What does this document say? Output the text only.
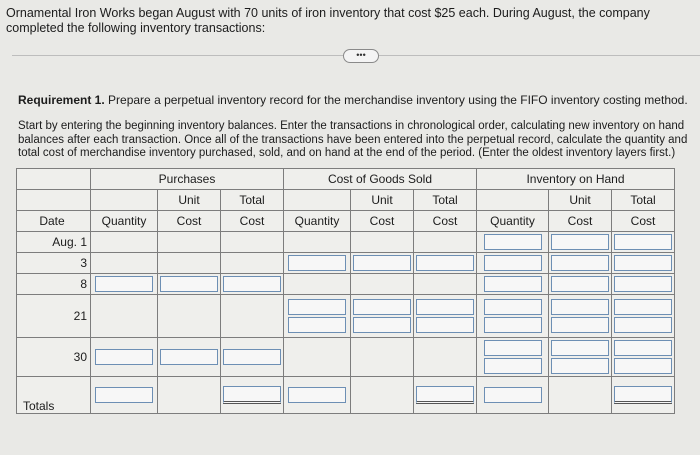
Ornamental Iron Works began August with 70 units of iron inventory that cost $25 each. During August, the company completed the following inventory transactions:
•••
Requirement 1. Prepare a perpetual inventory record for the merchandise inventory using the FIFO inventory costing method.
Start by entering the beginning inventory balances. Enter the transactions in chronological order, calculating new inventory on hand balances after each transaction. Once all of the transactions have been entered into the perpetual record, calculate the quantity and total cost of merchandise inventory purchased, sold, and on hand at the end of the period. (Enter the oldest inventory layers first.)
	Purchases			Cost of Goods Sold			Inventory on Hand		
		Unit	Total		Unit	Total		Unit	Total
Date	Quantity	Cost	Cost	Quantity	Cost	Cost	Quantity	Cost	Cost
Aug. 1							

3				

8	

21				

30	

Totals	
